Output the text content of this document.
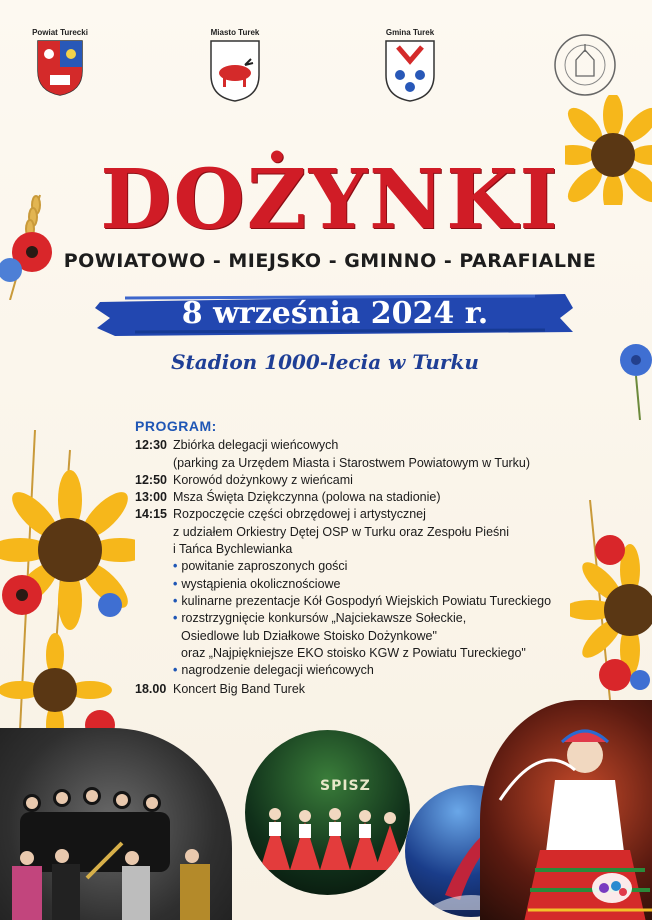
Powiat Turecki	Miasto Turek	Gmina Turek
DOŻYNKI
POWIATOWO - MIEJSKO - GMINNO - PARAFIALNE
8 września 2024 r.
Stadion 1000-lecia w Turku
PROGRAM:
12:30 Zbiórka delegacji wieńcowych
(parking za Urzędem Miasta i Starostwem Powiatowym w Turku)
12:50 Korowód dożynkowy z wieńcami
13:00 Msza Święta Dziękczynna (polowa na stadionie)
14:15 Rozpoczęcie części obrzędowej i artystycznej
z udziałem Orkiestry Dętej OSP w Turku oraz Zespołu Pieśni
i Tańca Bychlewianka
• powitanie zaproszonych gości
• wystąpienia okolicznościowe
• kulinarne prezentacje Kół Gospodyń Wiejskich Powiatu Tureckiego
• rozstrzygnięcie konkursów „Najciekawsze Sołeckie,
Osiedlowe lub Działkowe Stoisko Dożynkowe"
oraz „Najpiękniejsze EKO stoisko KGW z Powiatu Tureckiego"
• nagrodzenie delegacji wieńcowych
18.00 Koncert Big Band Turek
SPISZ
